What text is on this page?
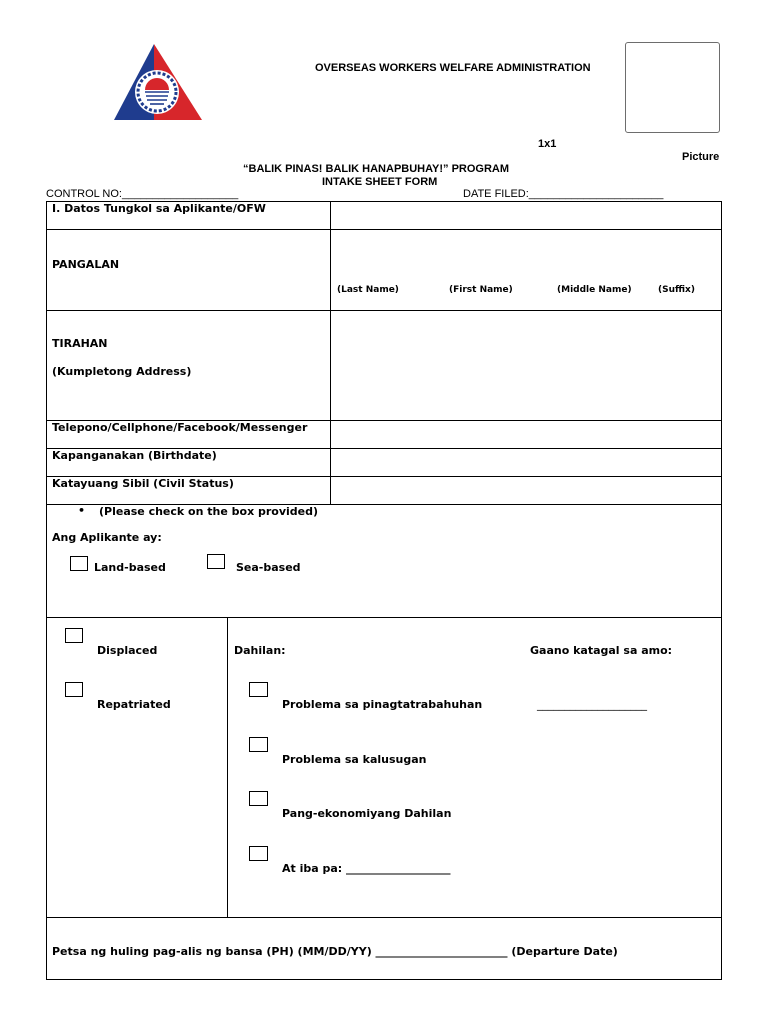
OVERSEAS WORKERS WELFARE ADMINISTRATION
1x1
Picture
“BALIK PINAS! BALIK HANAPBUHAY!” PROGRAM
INTAKE SHEET FORM
CONTROL NO:___________________	DATE FILED:______________________
I. Datos Tungkol sa Aplikante/OFW
PANGALAN
(Last Name)	(First Name)	(Middle Name)	(Suffix)
TIRAHAN
(Kumpletong Address)
Telepono/Cellphone/Facebook/Messenger
Kapanganakan (Birthdate)
Katayuang Sibil (Civil Status)
• (Please check on the box provided)
Ang Aplikante ay:
Land-based	Sea-based
Displaced
Repatriated
Dahilan:	Gaano katagal sa amo:
____________________
Problema sa pinagtatrabahuhan
Problema sa kalusugan
Pang-ekonomiyang Dahilan
At iba pa: ___________________
Petsa ng huling pag-alis ng bansa (PH) (MM/DD/YY) ________________________ (Departure Date)
